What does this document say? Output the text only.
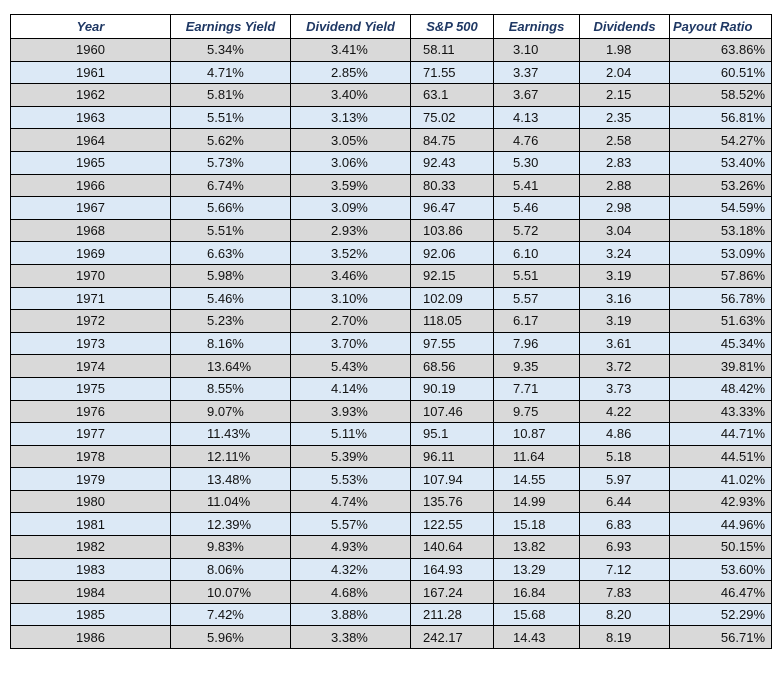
Year	Earnings Yield	Dividend Yield	S&P 500	Earnings	Dividends	Payout Ratio
1960	5.34%	3.41%	58.11	3.10	1.98	63.86%
1961	4.71%	2.85%	71.55	3.37	2.04	60.51%
1962	5.81%	3.40%	63.1	3.67	2.15	58.52%
1963	5.51%	3.13%	75.02	4.13	2.35	56.81%
1964	5.62%	3.05%	84.75	4.76	2.58	54.27%
1965	5.73%	3.06%	92.43	5.30	2.83	53.40%
1966	6.74%	3.59%	80.33	5.41	2.88	53.26%
1967	5.66%	3.09%	96.47	5.46	2.98	54.59%
1968	5.51%	2.93%	103.86	5.72	3.04	53.18%
1969	6.63%	3.52%	92.06	6.10	3.24	53.09%
1970	5.98%	3.46%	92.15	5.51	3.19	57.86%
1971	5.46%	3.10%	102.09	5.57	3.16	56.78%
1972	5.23%	2.70%	118.05	6.17	3.19	51.63%
1973	8.16%	3.70%	97.55	7.96	3.61	45.34%
1974	13.64%	5.43%	68.56	9.35	3.72	39.81%
1975	8.55%	4.14%	90.19	7.71	3.73	48.42%
1976	9.07%	3.93%	107.46	9.75	4.22	43.33%
1977	11.43%	5.11%	95.1	10.87	4.86	44.71%
1978	12.11%	5.39%	96.11	11.64	5.18	44.51%
1979	13.48%	5.53%	107.94	14.55	5.97	41.02%
1980	11.04%	4.74%	135.76	14.99	6.44	42.93%
1981	12.39%	5.57%	122.55	15.18	6.83	44.96%
1982	9.83%	4.93%	140.64	13.82	6.93	50.15%
1983	8.06%	4.32%	164.93	13.29	7.12	53.60%
1984	10.07%	4.68%	167.24	16.84	7.83	46.47%
1985	7.42%	3.88%	211.28	15.68	8.20	52.29%
1986	5.96%	3.38%	242.17	14.43	8.19	56.71%
